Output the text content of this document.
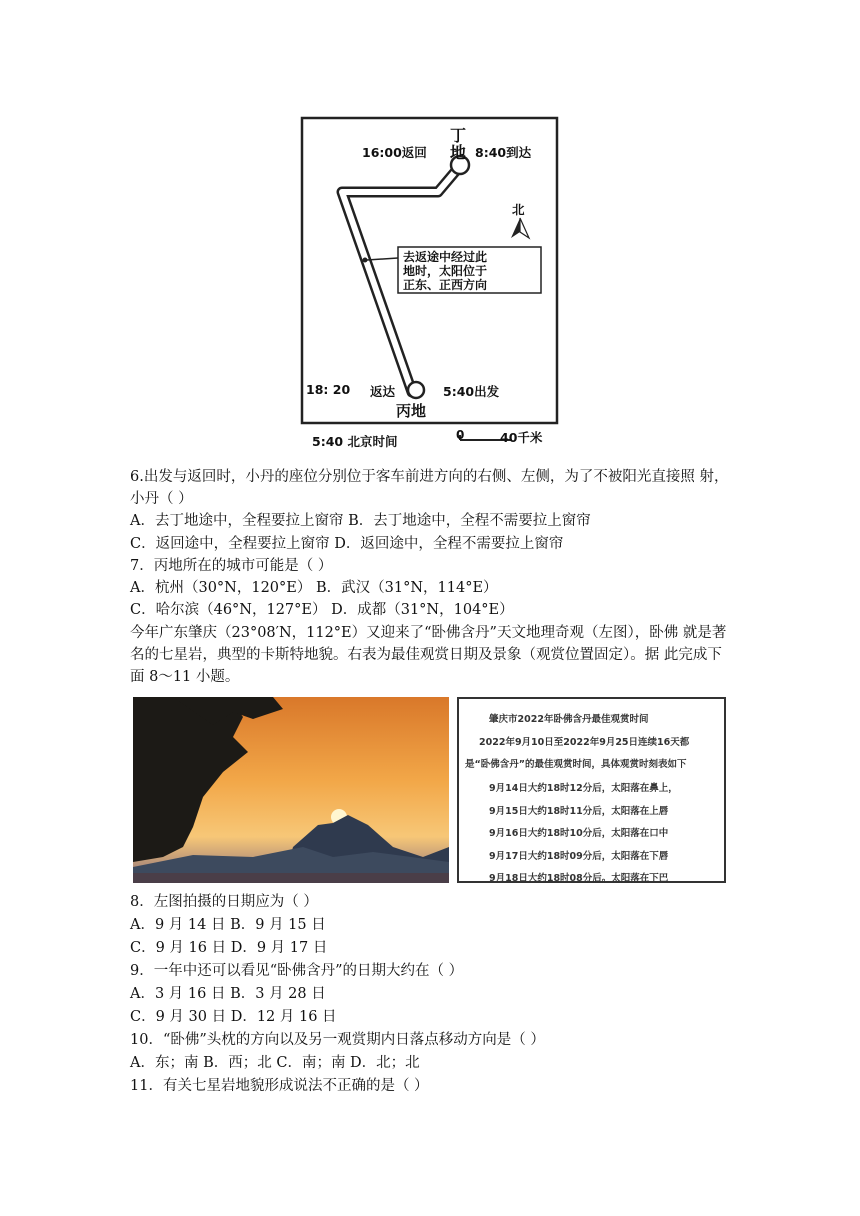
丁
地
16:00返回	8:40到达
北
去返途中经过此
地时，太阳位于
正东、正西方向
18: 20 返达	5:40出发
丙地
5:40 北京时间	0	40千米
6.出发与返回时，小丹的座位分别位于客车前进方向的右侧、左侧，为了不被阳光直接照 射，
小丹（ ）
A．去丁地途中，全程要拉上窗帘 B．去丁地途中，全程不需要拉上窗帘
C．返回途中，全程要拉上窗帘 D．返回途中，全程不需要拉上窗帘
7．丙地所在的城市可能是（ ）
A．杭州（30°N，120°E） B．武汉（31°N，114°E）
C．哈尔滨（46°N，127°E） D．成都（31°N，104°E）
今年广东肇庆（23°08′N，112°E）又迎来了“卧佛含丹”天文地理奇观（左图），卧佛 就是著名的七星岩，典型的卡斯特地貌。右表为最佳观赏日期及景象（观赏位置固定）。据 此完成下面 8～11 小题。
肇庆市2022年卧佛含丹最佳观赏时间
2022年9月10日至2022年9月25日连续16天都
是“卧佛含丹”的最佳观赏时间，具体观赏时刻表如下
9月14日大约18时12分后，太阳落在鼻上，
9月15日大约18时11分后，太阳落在上唇
9月16日大约18时10分后，太阳落在口中
9月17日大约18时09分后，太阳落在下唇
9月18日大约18时08分后。太阳落在下巴
8．左图拍摄的日期应为（ ）
A．9 月 14 日 B．9 月 15 日
C．9 月 16 日 D．9 月 17 日
9．一年中还可以看见“卧佛含丹”的日期大约在（ ）
A．3 月 16 日 B．3 月 28 日
C．9 月 30 日 D．12 月 16 日
10．“卧佛”头枕的方向以及另一观赏期内日落点移动方向是（ ）
A．东；南 B．西；北 C．南；南 D．北；北
11．有关七星岩地貌形成说法不正确的是（ ）
